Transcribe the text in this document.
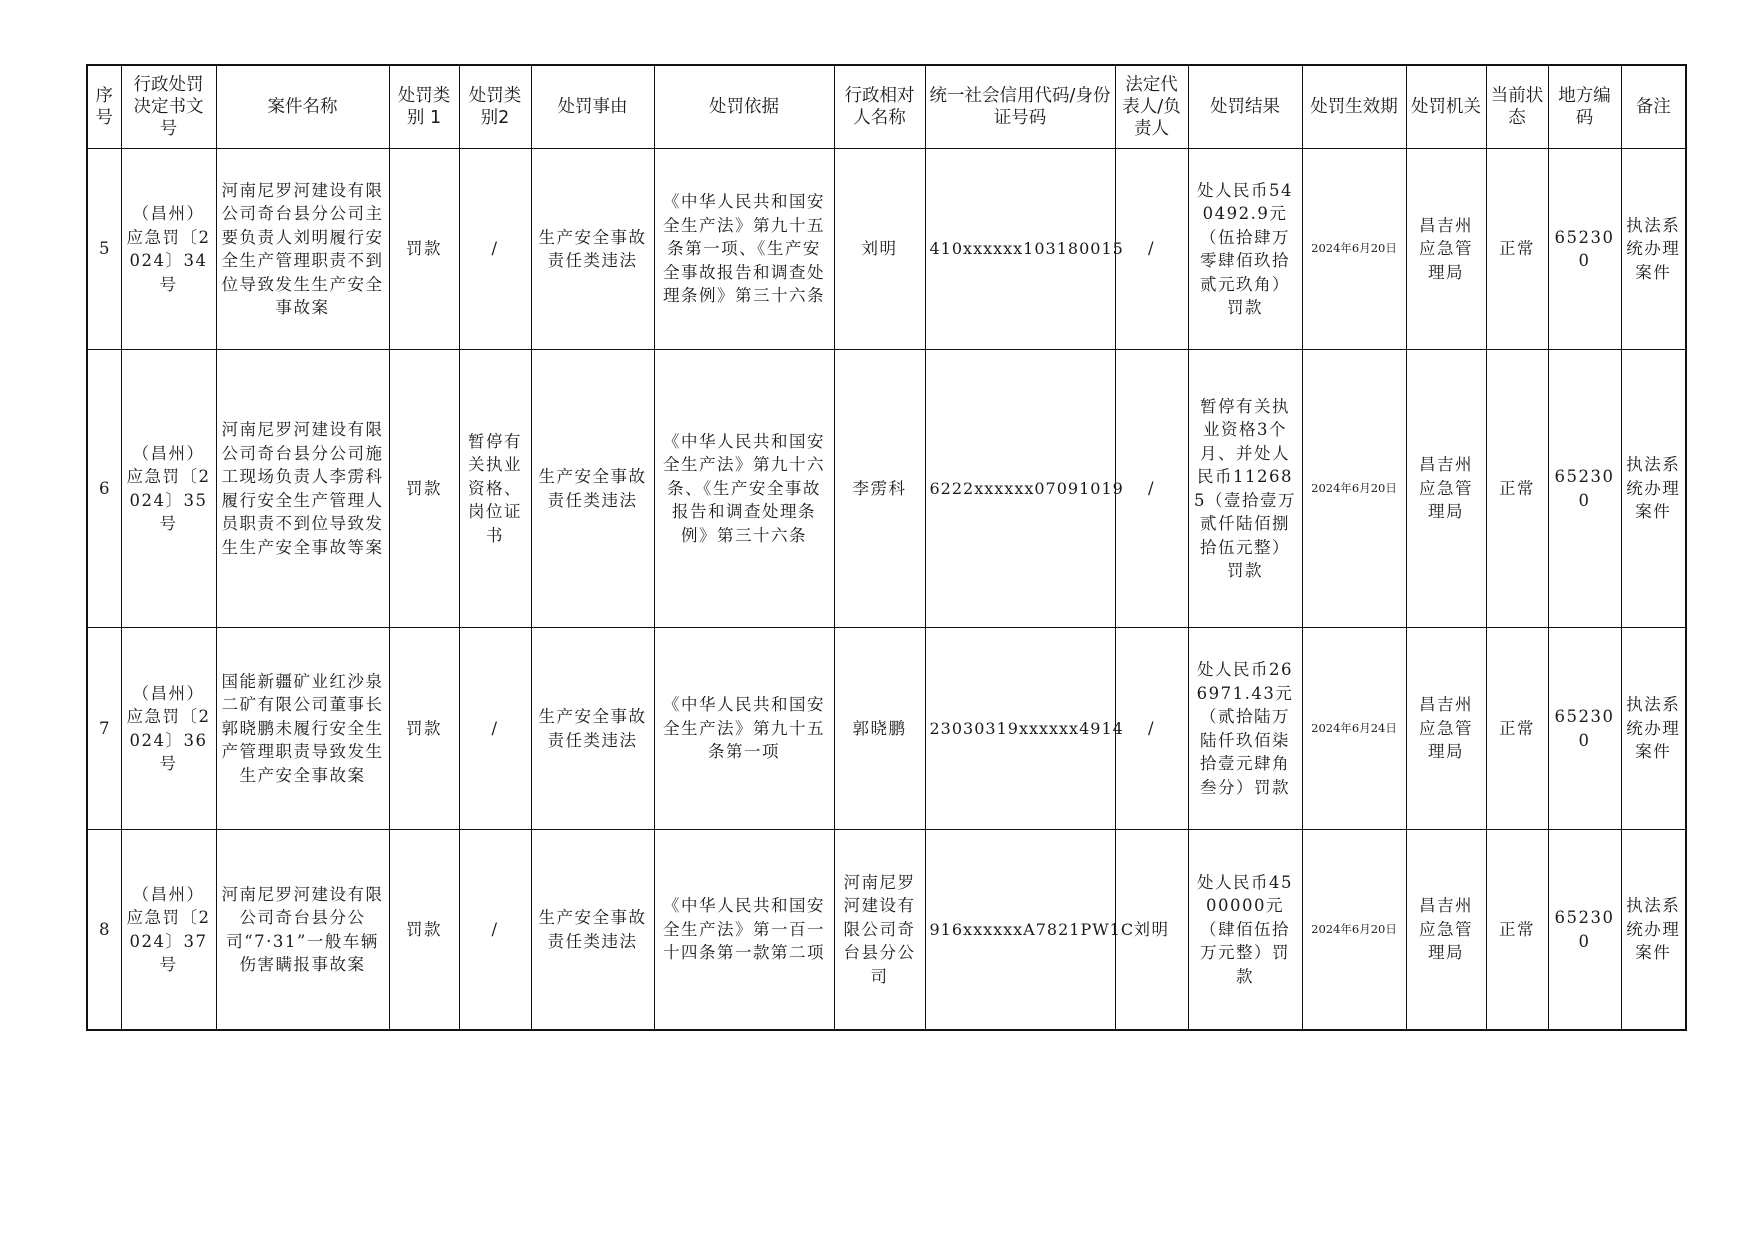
序号	行政处罚决定书文号	案件名称	处罚类别 1	处罚类别2	处罚事由	处罚依据	行政相对人名称	统一社会信用代码/身份证号码	法定代表人/负责人	处罚结果	处罚生效期	处罚机关	当前状态	地方编码	备注
5	（昌州）应急罚〔2024〕34号	河南尼罗河建设有限公司奇台县分公司主要负责人刘明履行安全生产管理职责不到位导致发生生产安全事故案	罚款	/	生产安全事故责任类违法	《中华人民共和国安全生产法》第九十五条第一项、《生产安全事故报告和调查处理条例》第三十六条	刘明	410xxxxxx103180015	/	处人民币540492.9元（伍拾肆万零肆佰玖拾贰元玖角）罚款	2024年6月20日	昌吉州应急管理局	正常	652300	执法系统办理案件
6	（昌州）应急罚〔2024〕35号	河南尼罗河建设有限公司奇台县分公司施工现场负责人李雳科履行安全生产管理人员职责不到位导致发生生产安全事故等案	罚款	暂停有关执业资格、岗位证书	生产安全事故责任类违法	《中华人民共和国安全生产法》第九十六条、《生产安全事故报告和调查处理条例》第三十六条	李雳科	6222xxxxxx07091019	/	暂停有关执业资格3个月、并处人民币112685（壹拾壹万贰仟陆佰捌拾伍元整）罚款	2024年6月20日	昌吉州应急管理局	正常	652300	执法系统办理案件
7	（昌州）应急罚〔2024〕36号	国能新疆矿业红沙泉二矿有限公司董事长郭晓鹏未履行安全生产管理职责导致发生生产安全事故案	罚款	/	生产安全事故责任类违法	《中华人民共和国安全生产法》第九十五条第一项	郭晓鹏	23030319xxxxxx4914	/	处人民币266971.43元（贰拾陆万陆仟玖佰柒拾壹元肆角叁分）罚款	2024年6月24日	昌吉州应急管理局	正常	652300	执法系统办理案件
8	（昌州）应急罚〔2024〕37号	河南尼罗河建设有限公司奇台县分公司“7·31”一般车辆伤害瞒报事故案	罚款	/	生产安全事故责任类违法	《中华人民共和国安全生产法》第一百一十四条第一款第二项	河南尼罗河建设有限公司奇台县分公司	916xxxxxxA7821PW1C	刘明	处人民币4500000元（肆佰伍拾万元整）罚款	2024年6月20日	昌吉州应急管理局	正常	652300	执法系统办理案件
